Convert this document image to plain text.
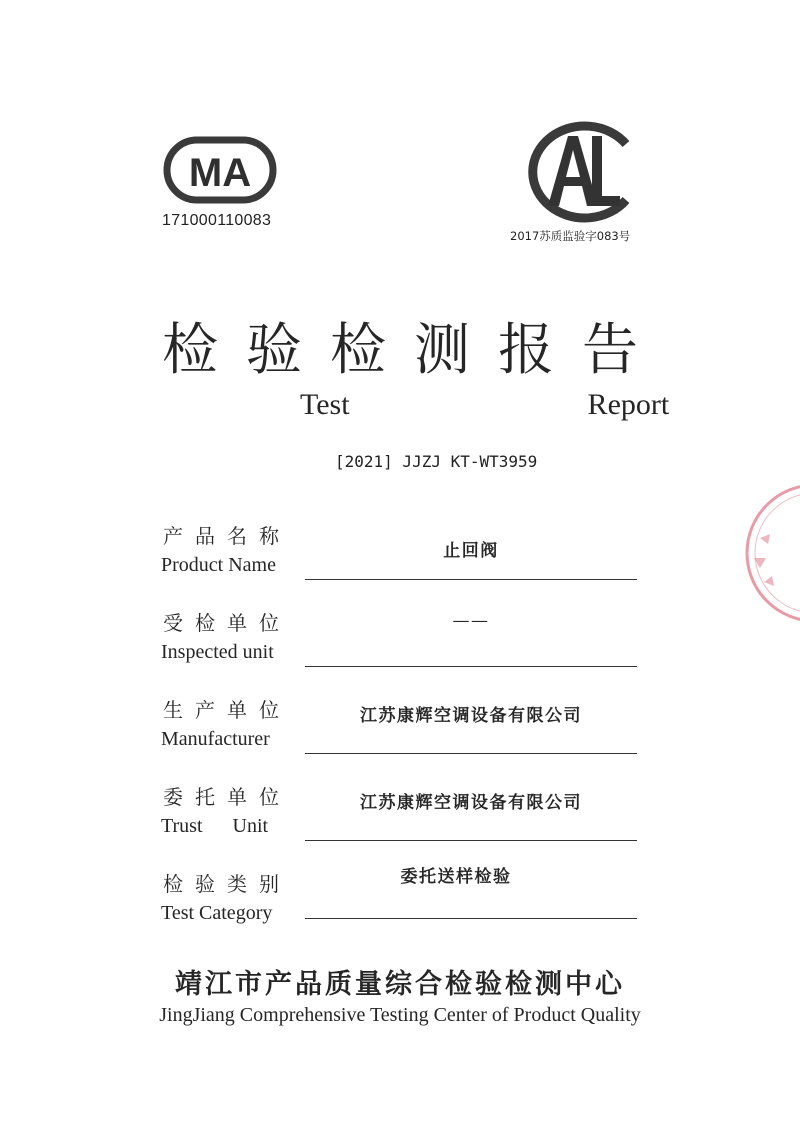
MA
171000110083
CAL
2017苏质监验字083号
检验检测报告
Test    Report
[2021] JJZJ KT-WT3959
产品名称
Product Name
止回阀
受检单位
Inspected unit
——
生产单位
Manufacturer
江苏康辉空调设备有限公司
委托单位
Trust      Unit
江苏康辉空调设备有限公司
检验类别
Test Category
委托送样检验
靖江市产品质量综合检验检测中心
JingJiang Comprehensive Testing Center of Product Quality
